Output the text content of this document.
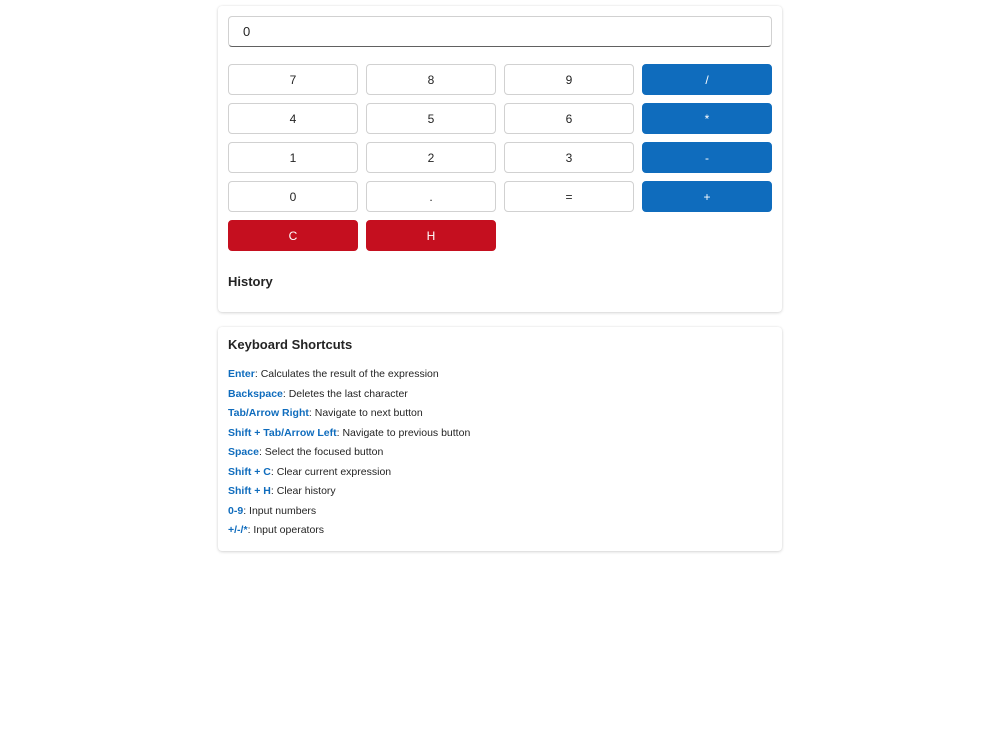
0
7	8	9	/
4	5	6	*
1	2	3	-
0	.	=	+
C	H
History
Keyboard Shortcuts
Enter: Calculates the result of the expression
Backspace: Deletes the last character
Tab/Arrow Right: Navigate to next button
Shift + Tab/Arrow Left: Navigate to previous button
Space: Select the focused button
Shift + C: Clear current expression
Shift + H: Clear history
0-9: Input numbers
+/-/*: Input operators
